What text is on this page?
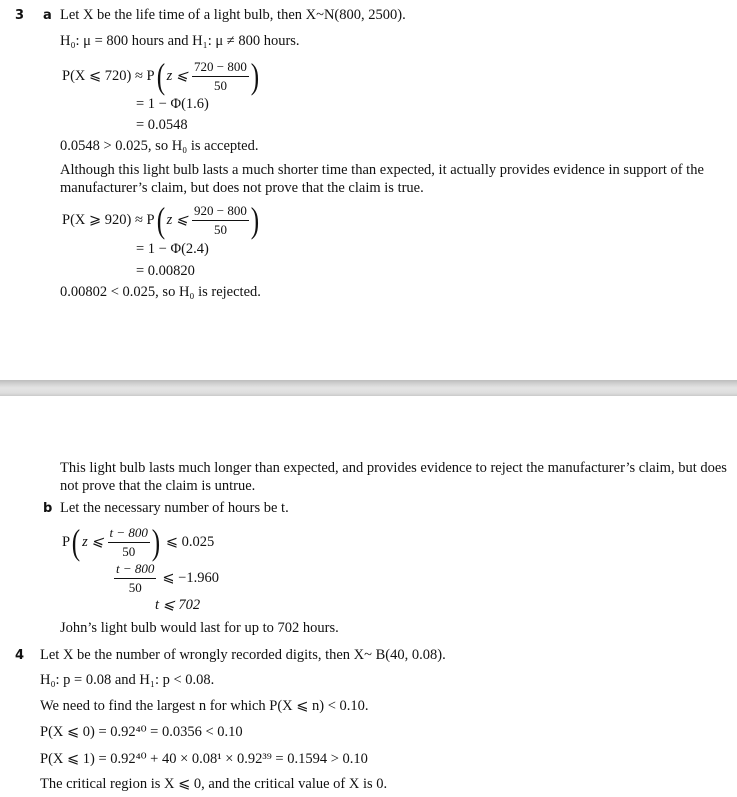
3 a Let X be the life time of a light bulb, then X~N(800, 2500).
H₀: μ = 800 hours and H₁: μ ≠ 800 hours.
P(X ⩽ 720) ≈ P ( z ⩽ $\frac{720 - 800}{50}$ )
= 1 − Φ(1.6)
= 0.0548
0.0548 > 0.025, so H₀ is accepted.
Although this light bulb lasts a much shorter time than expected, it actually provides evidence in support of the manufacturer’s claim, but does not prove that the claim is true.
P(X ⩾ 920) ≈ P ( z ⩽ $\frac{920 - 800}{50}$ )
= 1 − Φ(2.4)
= 0.00820
0.00802 < 0.025, so H₀ is rejected.
This light bulb lasts much longer than expected, and provides evidence to reject the manufacturer’s claim, but does not prove that the claim is untrue.
b Let the necessary number of hours be t.
P ( z ⩽ $\frac{t - 800}{50}$ ) ⩽ 0.025
$\frac{t - 800}{50}$ ⩽ −1.960
t ⩽ 702
John’s light bulb would last for up to 702 hours.
4 Let X be the number of wrongly recorded digits, then X~ B(40, 0.08).
H₀: p = 0.08 and H₁: p < 0.08.
We need to find the largest n for which P(X ⩽ n) < 0.10.
P(X ⩽ 0) = 0.92⁴⁰ = 0.0356 < 0.10
P(X ⩽ 1) = 0.92⁴⁰ + 40 × 0.08¹ × 0.92³⁹ = 0.1594 > 0.10
The critical region is X ⩽ 0, and the critical value of X is 0.
